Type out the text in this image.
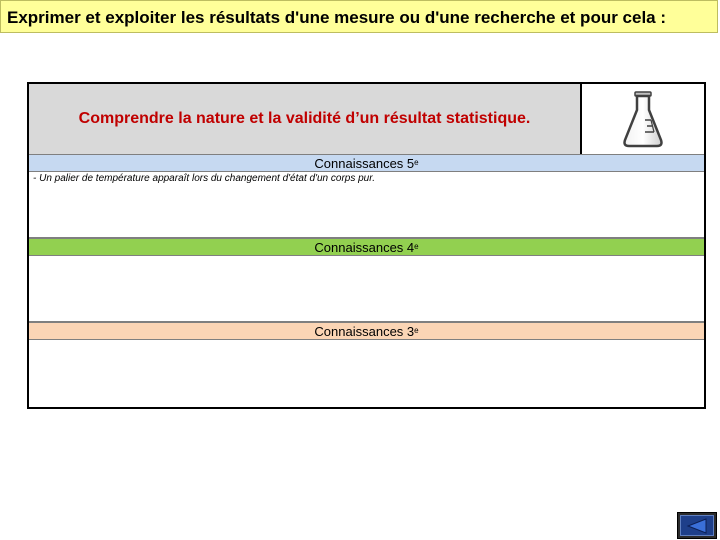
Exprimer et exploiter les résultats d'une mesure ou d'une recherche et pour cela :
Comprendre la nature et la validité d’un résultat statistique.
Connaissances 5e
- Un palier de température apparaît lors du changement d'état d'un corps pur.
Connaissances 4e
Connaissances 3e
